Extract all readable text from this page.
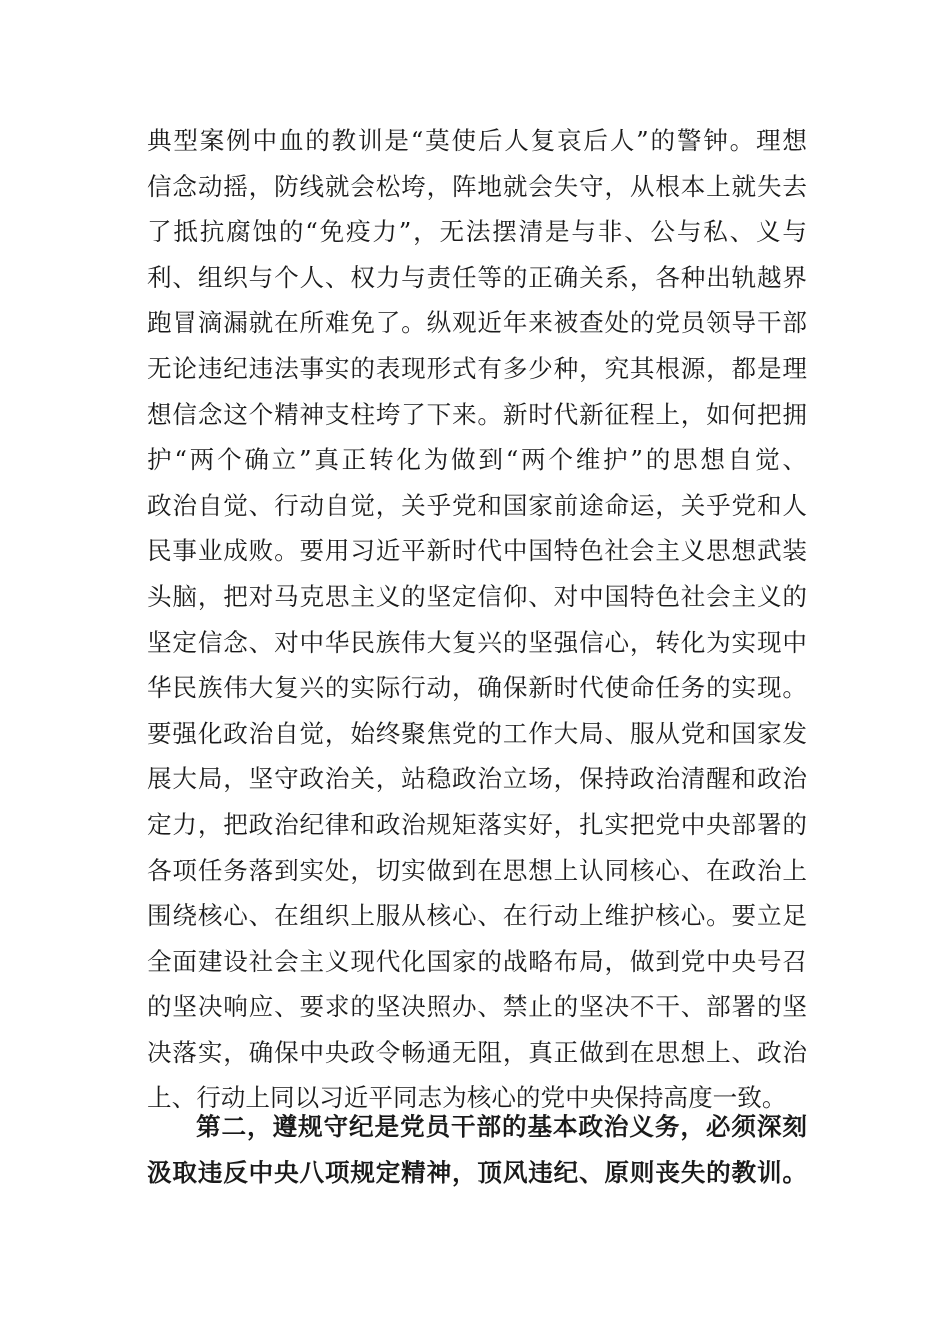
典型案例中血的教训是“莫使后人复哀后人”的警钟。理想
信念动摇，防线就会松垮，阵地就会失守，从根本上就失去
了抵抗腐蚀的“免疫力”，无法摆清是与非、公与私、义与
利、组织与个人、权力与责任等的正确关系，各种出轨越界
跑冒滴漏就在所难免了。纵观近年来被查处的党员领导干部
无论违纪违法事实的表现形式有多少种，究其根源，都是理
想信念这个精神支柱垮了下来。新时代新征程上，如何把拥
护“两个确立”真正转化为做到“两个维护”的思想自觉、
政治自觉、行动自觉，关乎党和国家前途命运，关乎党和人
民事业成败。要用习近平新时代中国特色社会主义思想武装
头脑，把对马克思主义的坚定信仰、对中国特色社会主义的
坚定信念、对中华民族伟大复兴的坚强信心，转化为实现中
华民族伟大复兴的实际行动，确保新时代使命任务的实现。
要强化政治自觉，始终聚焦党的工作大局、服从党和国家发
展大局，坚守政治关，站稳政治立场，保持政治清醒和政治
定力，把政治纪律和政治规矩落实好，扎实把党中央部署的
各项任务落到实处，切实做到在思想上认同核心、在政治上
围绕核心、在组织上服从核心、在行动上维护核心。要立足
全面建设社会主义现代化国家的战略布局，做到党中央号召
的坚决响应、要求的坚决照办、禁止的坚决不干、部署的坚
决落实，确保中央政令畅通无阻，真正做到在思想上、政治
上、行动上同以习近平同志为核心的党中央保持高度一致。
第二，遵规守纪是党员干部的基本政治义务，必须深刻
汲取违反中央八项规定精神，顶风违纪、原则丧失的教训。
